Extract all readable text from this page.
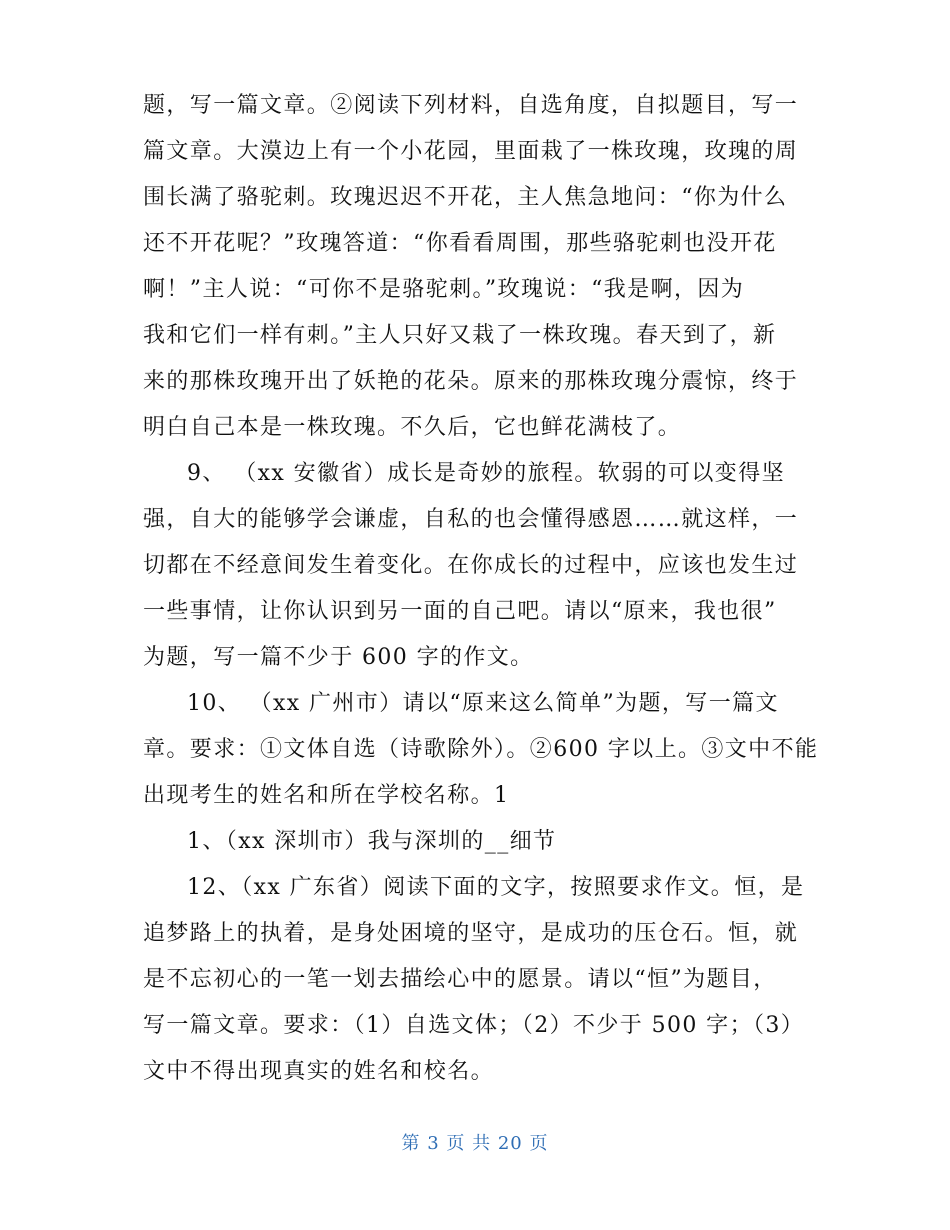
题，写一篇文章。②阅读下列材料，自选角度，自拟题目，写一
篇文章。大漠边上有一个小花园，里面栽了一株玫瑰，玫瑰的周
围长满了骆驼刺。玫瑰迟迟不开花，主人焦急地问：“你为什么
还不开花呢？”玫瑰答道：“你看看周围，那些骆驼刺也没开花
啊！”主人说：“可你不是骆驼刺。”玫瑰说：“我是啊，因为
我和它们一样有刺。”主人只好又栽了一株玫瑰。春天到了，新
来的那株玫瑰开出了妖艳的花朵。原来的那株玫瑰分震惊，终于
明白自己本是一株玫瑰。不久后，它也鲜花满枝了。
9、 （xx 安徽省）成长是奇妙的旅程。软弱的可以变得坚
强，自大的能够学会谦虚，自私的也会懂得感恩……就这样，一
切都在不经意间发生着变化。在你成长的过程中，应该也发生过
一些事情，让你认识到另一面的自己吧。请以“原来，我也很”
为题，写一篇不少于 600 字的作文。
10、 （xx 广州市）请以“原来这么简单”为题，写一篇文
章。要求：①文体自选（诗歌除外）。②600 字以上。③文中不能
出现考生的姓名和所在学校名称。1
1、（xx 深圳市）我与深圳的__细节
12、（xx 广东省）阅读下面的文字，按照要求作文。恒，是
追梦路上的执着，是身处困境的坚守，是成功的压仓石。恒，就
是不忘初心的一笔一划去描绘心中的愿景。请以“恒”为题目，
写一篇文章。要求：（1）自选文体；（2）不少于 500 字；（3）
文中不得出现真实的姓名和校名。
第 3 页 共 20 页
